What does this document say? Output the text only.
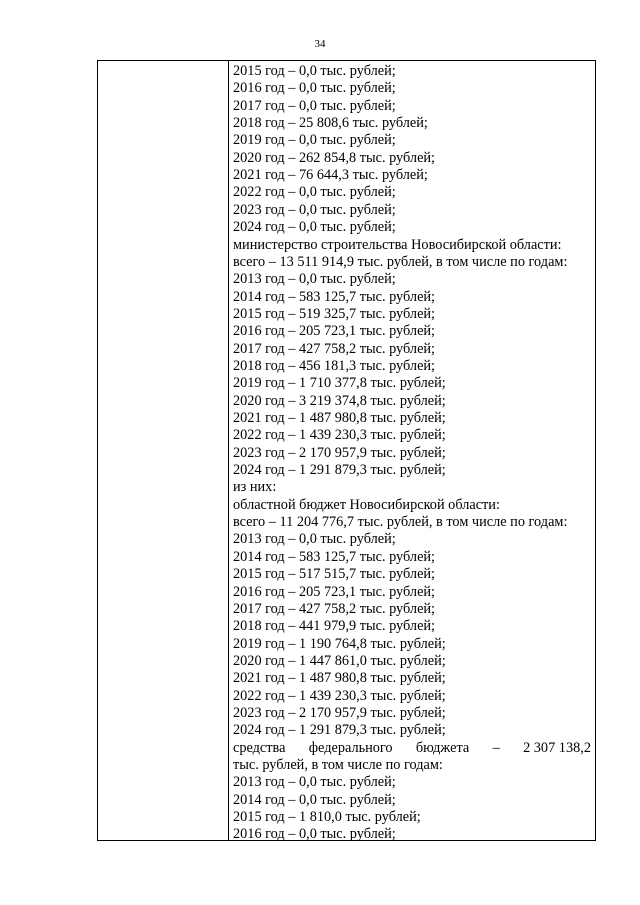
34
2015 год – 0,0 тыс. рублей;
2016 год – 0,0 тыс. рублей;
2017 год – 0,0 тыс. рублей;
2018 год – 25 808,6 тыс. рублей;
2019 год – 0,0 тыс. рублей;
2020 год – 262 854,8 тыс. рублей;
2021 год – 76 644,3 тыс. рублей;
2022 год – 0,0 тыс. рублей;
2023 год – 0,0 тыс. рублей;
2024 год – 0,0 тыс. рублей;
министерство строительства Новосибирской области:
всего – 13 511 914,9 тыс. рублей, в том числе по годам:
2013 год – 0,0 тыс. рублей;
2014 год – 583 125,7 тыс. рублей;
2015 год – 519 325,7 тыс. рублей;
2016 год – 205 723,1 тыс. рублей;
2017 год – 427 758,2 тыс. рублей;
2018 год – 456 181,3 тыс. рублей;
2019 год – 1 710 377,8 тыс. рублей;
2020 год – 3 219 374,8 тыс. рублей;
2021 год – 1 487 980,8 тыс. рублей;
2022 год – 1 439 230,3 тыс. рублей;
2023 год – 2 170 957,9 тыс. рублей;
2024 год – 1 291 879,3 тыс. рублей;
из них:
областной бюджет Новосибирской области:
всего – 11 204 776,7 тыс. рублей, в том числе по годам:
2013 год – 0,0 тыс. рублей;
2014 год – 583 125,7 тыс. рублей;
2015 год – 517 515,7 тыс. рублей;
2016 год – 205 723,1 тыс. рублей;
2017 год – 427 758,2 тыс. рублей;
2018 год – 441 979,9 тыс. рублей;
2019 год – 1 190 764,8 тыс. рублей;
2020 год – 1 447 861,0 тыс. рублей;
2021 год – 1 487 980,8 тыс. рублей;
2022 год – 1 439 230,3 тыс. рублей;
2023 год – 2 170 957,9 тыс. рублей;
2024 год – 1 291 879,3 тыс. рублей;
средства федерального бюджета – 2 307 138,2
тыс. рублей, в том числе по годам:
2013 год – 0,0 тыс. рублей;
2014 год – 0,0 тыс. рублей;
2015 год – 1 810,0 тыс. рублей;
2016 год – 0,0 тыс. рублей;
